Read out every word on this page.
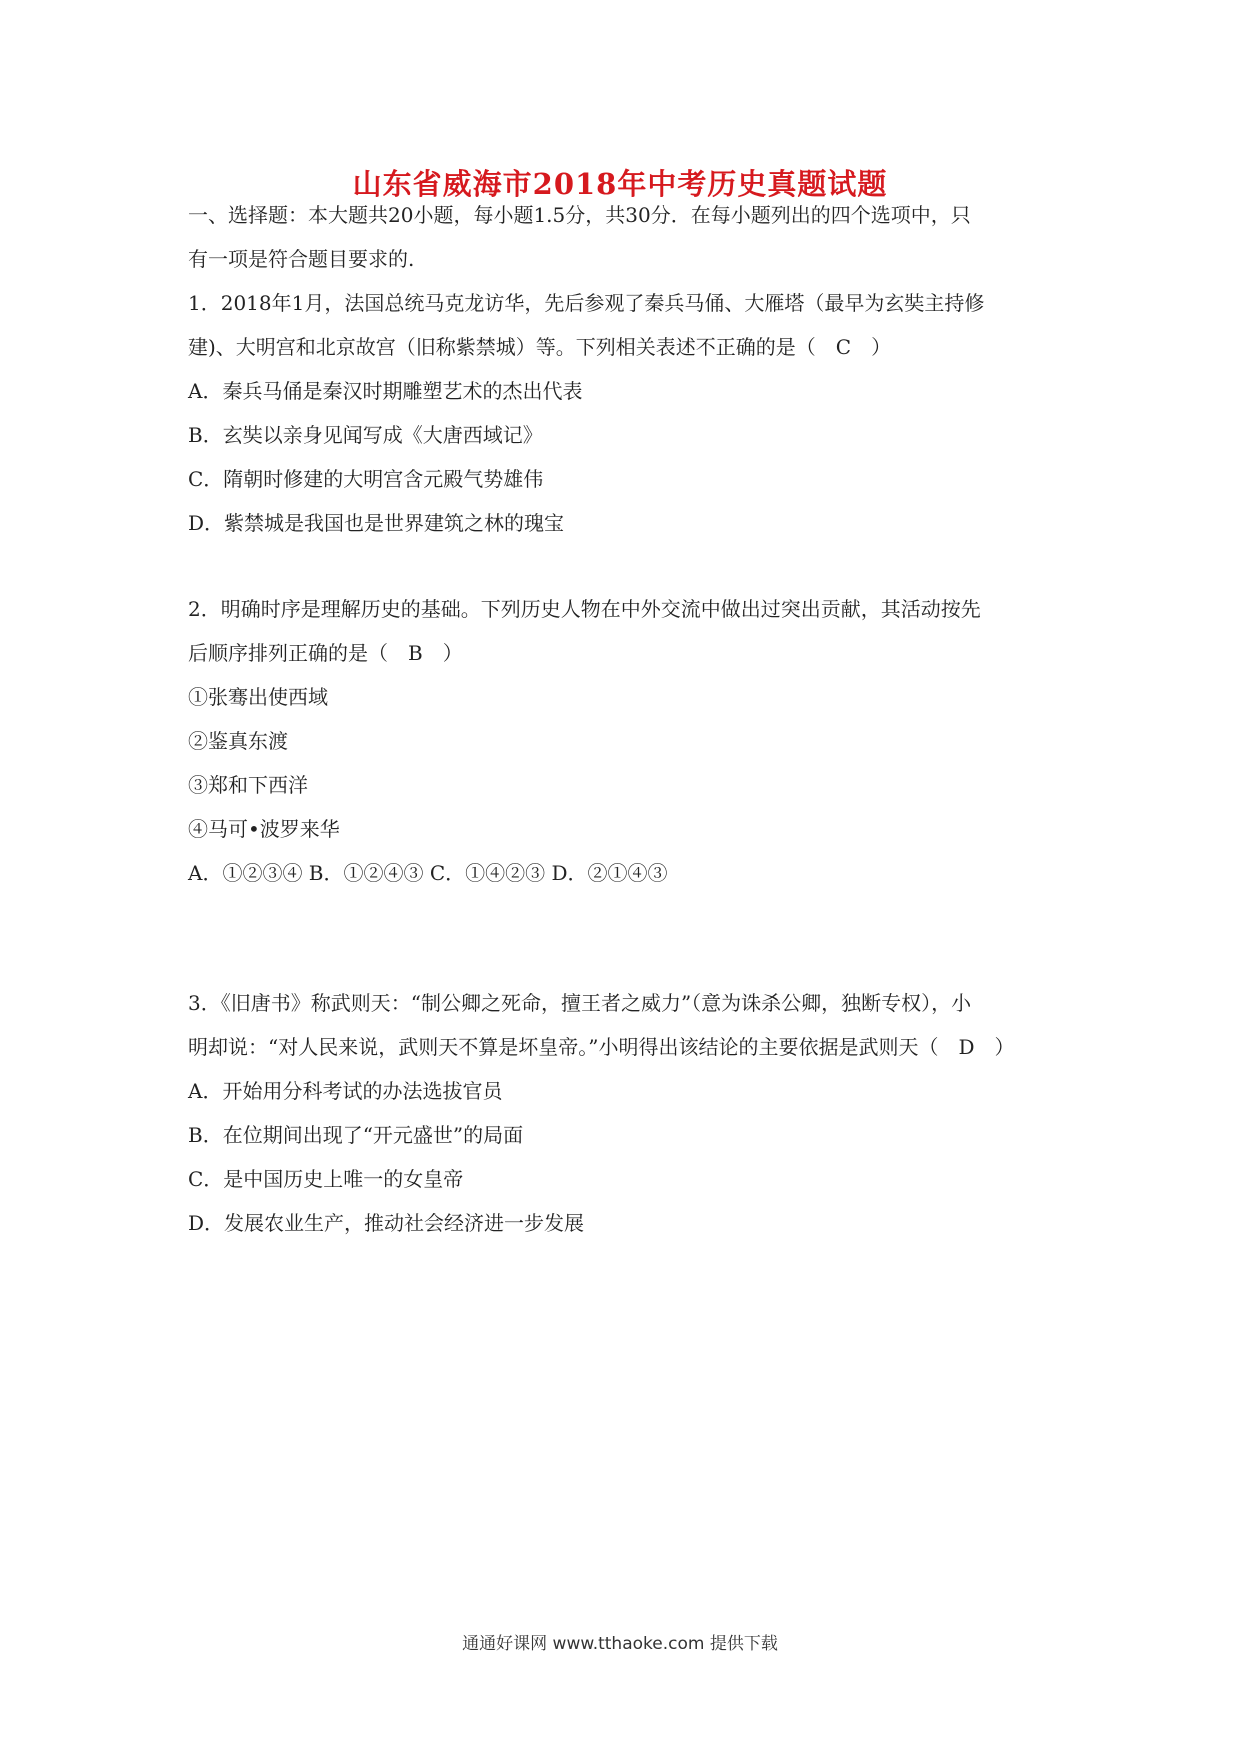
山东省威海市2018年中考历史真题试题
一、选择题：本大题共20小题，每小题1.5分，共30分．在每小题列出的四个选项中，只
有一项是符合题目要求的.
1．2018年1月，法国总统马克龙访华，先后参观了秦兵马俑、大雁塔（最早为玄奘主持修
建)、大明宫和北京故宫（旧称紫禁城）等。下列相关表述不正确的是（　C　）
A．秦兵马俑是秦汉时期雕塑艺术的杰出代表
B．玄奘以亲身见闻写成《大唐西域记》
C．隋朝时修建的大明宫含元殿气势雄伟
D．紫禁城是我国也是世界建筑之林的瑰宝
2．明确时序是理解历史的基础。下列历史人物在中外交流中做出过突出贡献，其活动按先
后顺序排列正确的是（　B　）
①张骞出使西域
②鉴真东渡
③郑和下西洋
④马可•波罗来华
A．①②③④ B．①②④③ C．①④②③ D．②①④③
3．《旧唐书》称武则天：“制公卿之死命，擅王者之威力”（意为诛杀公卿，独断专权），小
明却说：“对人民来说，武则天不算是坏皇帝。”小明得出该结论的主要依据是武则天（　D　）
A．开始用分科考试的办法选拔官员
B．在位期间出现了“开元盛世”的局面
C．是中国历史上唯一的女皇帝
D．发展农业生产，推动社会经济进一步发展
通通好课网 www.tthaoke.com 提供下载
